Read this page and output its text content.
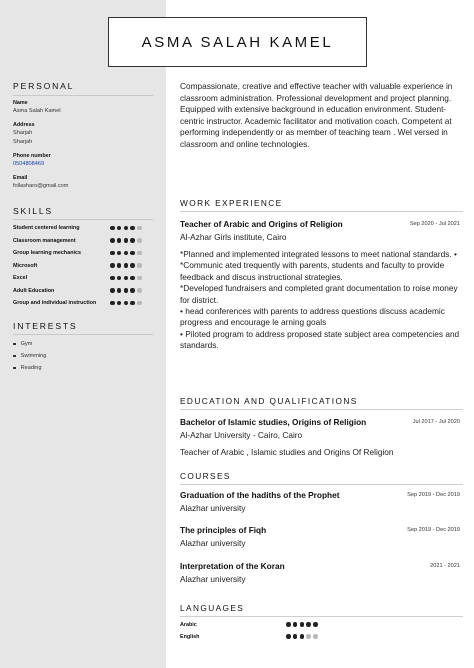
ASMA SALAH KAMEL
PERSONAL
Name
Asma Salah Kamel
Address
Sharjah
Sharjah
Phone number
0504808469
Email
follasharo@gmail.com
SKILLS
Student centered learning
Classroom management
Group learning mechanics
Microsoft
Excel
Adult Education
Group and individual instruction
INTERESTS
Gym
Swimming
Reading
Compassionate, creative and effective teacher with valuable experience in classroom administration. Professional development and project planning. Equipped with extensive background in education environment. Student-centric instructor. Academic facilitator and motivation coach. Competent at performing independently or as member of teaching team . Wel versed in classroom and online technologies.
WORK EXPERIENCE
Teacher of Arabic and Origins of Religion	Sep 2020 - Jul 2021
Al-Azhar Girls institute, Cairo
*Planned and implemented integrated lessons to meet national standards. •
*Communic ated trequently with parents, students and faculty to provide feedback and discus instructional strategies.
*Developed fundraisers and completed grant documentation to roise money for district.
• head conferences with parents to address questions discuss academic progress and encourage le arning goals
• Piloted program to address proposed state subject area competencies and standards.
EDUCATION AND QUALIFICATIONS
Bachelor of Islamic studies, Origins of Religion	Jul 2017 - Jul 2020
Al-Azhar University - Cairo, Cairo
Teacher of Arabic , Islamic studies and Origins Of Religion
COURSES
Graduation of the hadiths of the Prophet	Sep 2019 - Dec 2019
Alazhar university
The principles of Fiqh	Sep 2019 - Dec 2019
Alazhar university
Interpretation of the Koran	2021 - 2021
Alazhar university
LANGUAGES
Arabic
English
